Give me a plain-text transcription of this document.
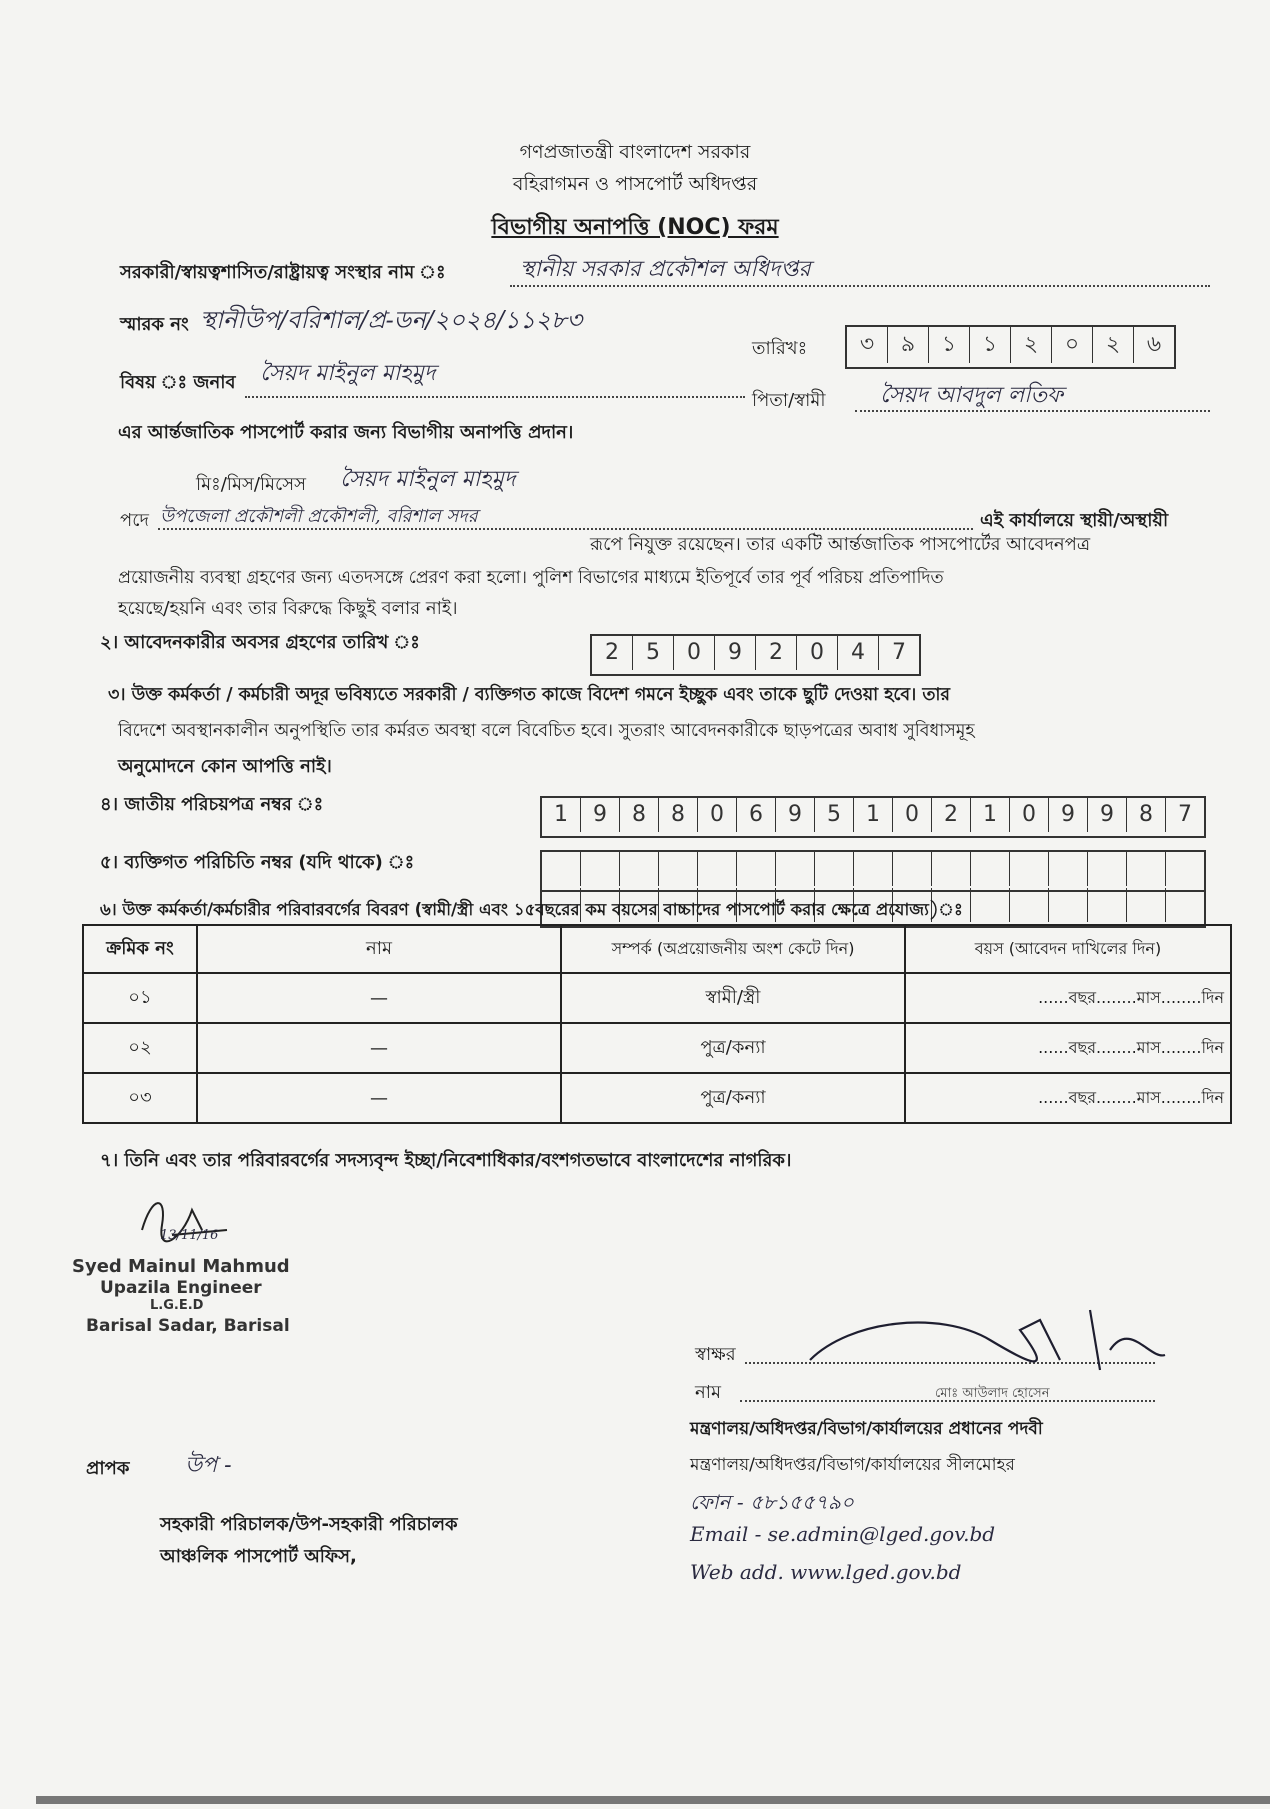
গণপ্রজাতন্ত্রী বাংলাদেশ সরকার
বহিরাগমন ও পাসপোর্ট অধিদপ্তর
বিভাগীয় অনাপত্তি (NOC) ফরম
সরকারী/স্বায়ত্বশাসিত/রাষ্ট্রায়ত্ব সংস্থার নাম ঃ	স্থানীয় সরকার প্রকৌশল অধিদপ্তর
স্মারক নং স্থানীউপ/বরিশাল/প্র-ডন/২০২৪/১১২৮৩
তারিখঃ	৩	৯	১	১	২	০	২	৬
বিষয় ঃ জনাব সৈয়দ মাইনুল মাহমুদ
পিতা/স্বামী সৈয়দ আবদুল লতিফ
এর আর্ন্তজাতিক পাসপোর্ট করার জন্য বিভাগীয় অনাপত্তি প্রদান।
মিঃ/মিস/মিসেস সৈয়দ মাইনুল মাহমুদ
পদে উপজেলা প্রকৌশলী প্রকৌশলী, বরিশাল সদর	এই কার্যালয়ে স্থায়ী/অস্থায়ী
রূপে নিযুক্ত রয়েছেন। তার একটি আর্ন্তজাতিক পাসপোর্টের আবেদনপত্র
প্রয়োজনীয় ব্যবস্থা গ্রহণের জন্য এতদসঙ্গে প্রেরণ করা হলো। পুলিশ বিভাগের মাধ্যমে ইতিপূর্বে তার পূর্ব পরিচয় প্রতিপাদিত
হয়েছে/হয়নি এবং তার বিরুদ্ধে কিছুই বলার নাই।
২। আবেদনকারীর অবসর গ্রহণের তারিখ ঃ	2	5	0	9	2	0	4	7
৩। উক্ত কর্মকর্তা / কর্মচারী অদূর ভবিষ্যতে সরকারী / ব্যক্তিগত কাজে বিদেশ গমনে ইচ্ছুক এবং তাকে ছুটি দেওয়া হবে। তার
বিদেশে অবস্থানকালীন অনুপস্থিতি তার কর্মরত অবস্থা বলে বিবেচিত হবে। সুতরাং আবেদনকারীকে ছাড়পত্রের অবাধ সুবিধাসমূহ
অনুমোদনে কোন আপত্তি নাই।
৪। জাতীয় পরিচয়পত্র নম্বর ঃ	1	9	8	8	0	6	9	5	1	0	2	1	0	9	9	8	7
৫। ব্যক্তিগত পরিচিতি নম্বর (যদি থাকে) ঃ
৬। উক্ত কর্মকর্তা/কর্মচারীর পরিবারবর্গের বিবরণ (স্বামী/স্ত্রী এবং ১৫বছরের কম বয়সের বাচ্চাদের পাসপোর্ট করার ক্ষেত্রে প্রযোজ্য)ঃ
ক্রমিক নং	নাম	সম্পর্ক (অপ্রয়োজনীয় অংশ কেটে দিন)	বয়স (আবেদন দাখিলের দিন)
০১	—	স্বামী/স্ত্রী	......বছর........মাস........দিন
০২	—	পুত্র/কন্যা	......বছর........মাস........দিন
০৩	—	পুত্র/কন্যা	......বছর........মাস........দিন
৭। তিনি এবং তার পরিবারবর্গের সদস্যবৃন্দ ইচ্ছা/নিবেশাধিকার/বংশগতভাবে বাংলাদেশের নাগরিক।
13/11/16
Syed Mainul Mahmud
Upazila Engineer
L.G.E.D
Barisal Sadar, Barisal
স্বাক্ষর
নাম	মোঃ আউলাদ হোসেন
মন্ত্রণালয়/অধিদপ্তর/বিভাগ/কার্যালয়ের প্রধানের পদবী
মন্ত্রণালয়/অধিদপ্তর/বিভাগ/কার্যালয়ের সীলমোহর
ফোন - ৫৮১৫৫৭৯০
Email - se.admin@lged.gov.bd
Web add. www.lged.gov.bd
প্রাপক	উপ -
সহকারী পরিচালক/উপ-সহকারী পরিচালক
আঞ্চলিক পাসপোর্ট অফিস,
